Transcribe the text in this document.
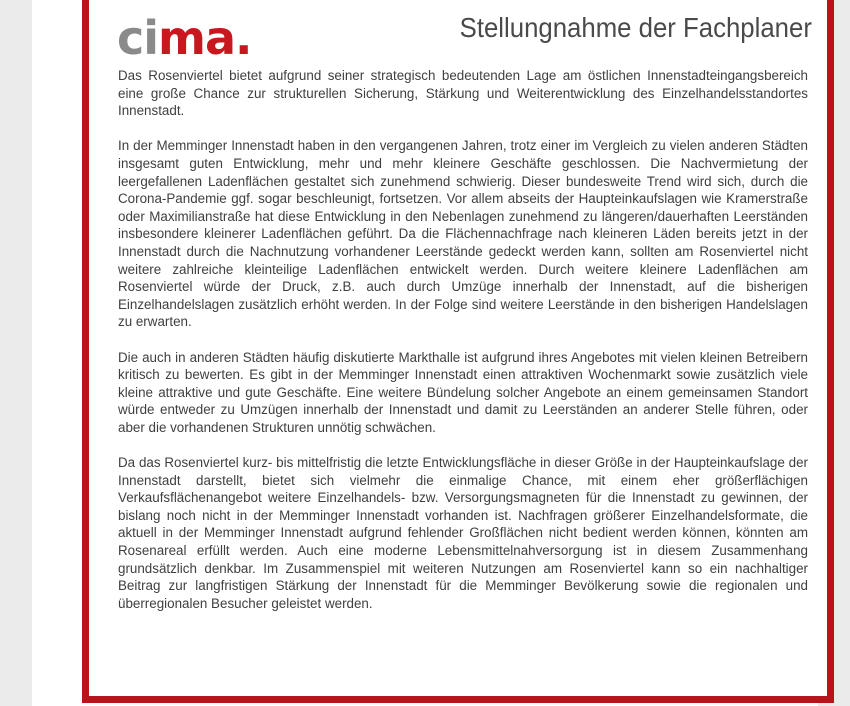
ci ma.	Stellungnahme der Fachplaner

Das Rosenviertel bietet aufgrund seiner strategisch bedeutenden Lage am östlichen Innenstadteingangsbereich eine große Chance zur strukturellen Sicherung, Stärkung und Weiterentwicklung des Einzelhandelsstandortes Innenstadt.

In der Memminger Innenstadt haben in den vergangenen Jahren, trotz einer im Vergleich zu vielen anderen Städten insgesamt guten Entwicklung, mehr und mehr kleinere Geschäfte geschlossen. Die Nachvermietung der leergefallenen Ladenflächen gestaltet sich zunehmend schwierig. Dieser bundesweite Trend wird sich, durch die Corona-Pandemie ggf. sogar beschleunigt, fortsetzen. Vor allem abseits der Haupteinkaufslagen wie Kramerstraße oder Maximilianstraße hat diese Entwicklung in den Nebenlagen zunehmend zu längeren/dauerhaften Leerständen insbesondere kleinerer Ladenflächen geführt. Da die Flächennachfrage nach kleineren Läden bereits jetzt in der Innenstadt durch die Nachnutzung vorhandener Leerstände gedeckt werden kann, sollten am Rosenviertel nicht weitere zahlreiche kleinteilige Ladenflächen entwickelt werden. Durch weitere kleinere Ladenflächen am Rosenviertel würde der Druck, z.B. auch durch Umzüge innerhalb der Innenstadt, auf die bisherigen Einzelhandelslagen zusätzlich erhöht werden. In der Folge sind weitere Leerstände in den bisherigen Handelslagen zu erwarten.

Die auch in anderen Städten häufig diskutierte Markthalle ist aufgrund ihres Angebotes mit vielen kleinen Betreibern kritisch zu bewerten. Es gibt in der Memminger Innenstadt einen attraktiven Wochenmarkt sowie zusätzlich viele kleine attraktive und gute Geschäfte. Eine weitere Bündelung solcher Angebote an einem gemeinsamen Standort würde entweder zu Umzügen innerhalb der Innenstadt und damit zu Leerständen an anderer Stelle führen, oder aber die vorhandenen Strukturen unnötig schwächen.

Da das Rosenviertel kurz- bis mittelfristig die letzte Entwicklungsfläche in dieser Größe in der Haupteinkaufslage der Innenstadt darstellt, bietet sich vielmehr die einmalige Chance, mit einem eher größerflächigen Verkaufsflächenangebot weitere Einzelhandels- bzw. Versorgungsmagneten für die Innenstadt zu gewinnen, der bislang noch nicht in der Memminger Innenstadt vorhanden ist. Nachfragen größerer Einzelhandelsformate, die aktuell in der Memminger Innenstadt aufgrund fehlender Großflächen nicht bedient werden können, könnten am Rosenareal erfüllt werden. Auch eine moderne Lebensmittelnahversorgung ist in diesem Zusammenhang grundsätzlich denkbar. Im Zusammenspiel mit weiteren Nutzungen am Rosenviertel kann so ein nachhaltiger Beitrag zur langfristigen Stärkung der Innenstadt für die Memminger Bevölkerung sowie die regionalen und überregionalen Besucher geleistet werden.
